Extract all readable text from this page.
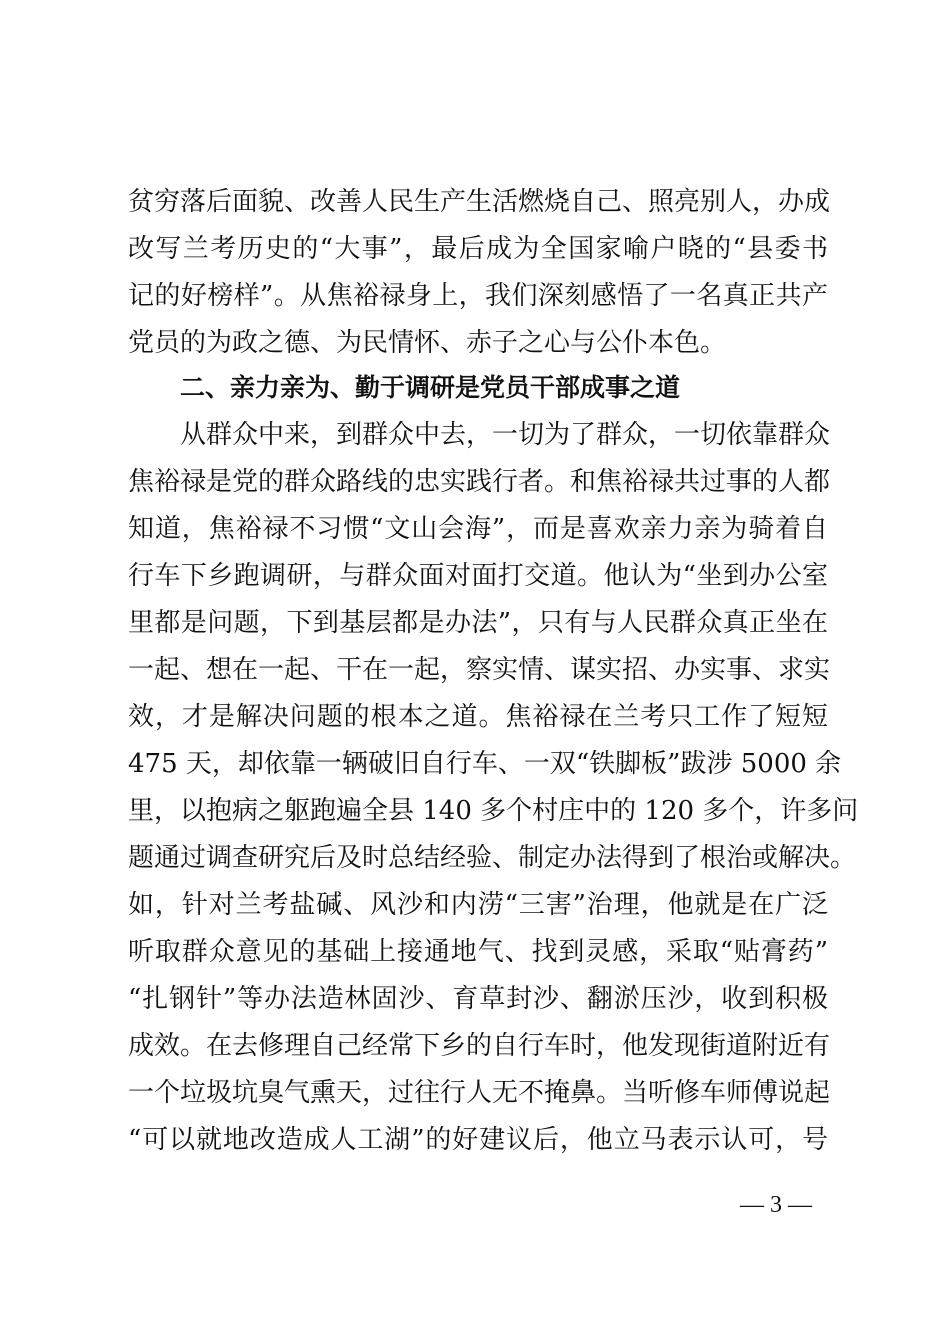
贫穷落后面貌、改善人民生产生活燃烧自己、照亮别人，办成
改写兰考历史的“大事”，最后成为全国家喻户晓的“县委书
记的好榜样”。从焦裕禄身上，我们深刻感悟了一名真正共产
党员的为政之德、为民情怀、赤子之心与公仆本色。
二、亲力亲为、勤于调研是党员干部成事之道
从群众中来，到群众中去，一切为了群众，一切依靠群众
焦裕禄是党的群众路线的忠实践行者。和焦裕禄共过事的人都
知道，焦裕禄不习惯“文山会海”，而是喜欢亲力亲为骑着自
行车下乡跑调研，与群众面对面打交道。他认为“坐到办公室
里都是问题，下到基层都是办法”，只有与人民群众真正坐在
一起、想在一起、干在一起，察实情、谋实招、办实事、求实
效，才是解决问题的根本之道。焦裕禄在兰考只工作了短短
475 天，却依靠一辆破旧自行车、一双“铁脚板”跋涉 5000 余
里，以抱病之躯跑遍全县 140 多个村庄中的 120 多个，许多问
题通过调查研究后及时总结经验、制定办法得到了根治或解决。
如，针对兰考盐碱、风沙和内涝“三害”治理，他就是在广泛
听取群众意见的基础上接通地气、找到灵感，采取“贴膏药”
“扎钢针”等办法造林固沙、育草封沙、翻淤压沙，收到积极
成效。在去修理自己经常下乡的自行车时，他发现街道附近有
一个垃圾坑臭气熏天，过往行人无不掩鼻。当听修车师傅说起
“可以就地改造成人工湖”的好建议后，他立马表示认可，号
— 3 —
